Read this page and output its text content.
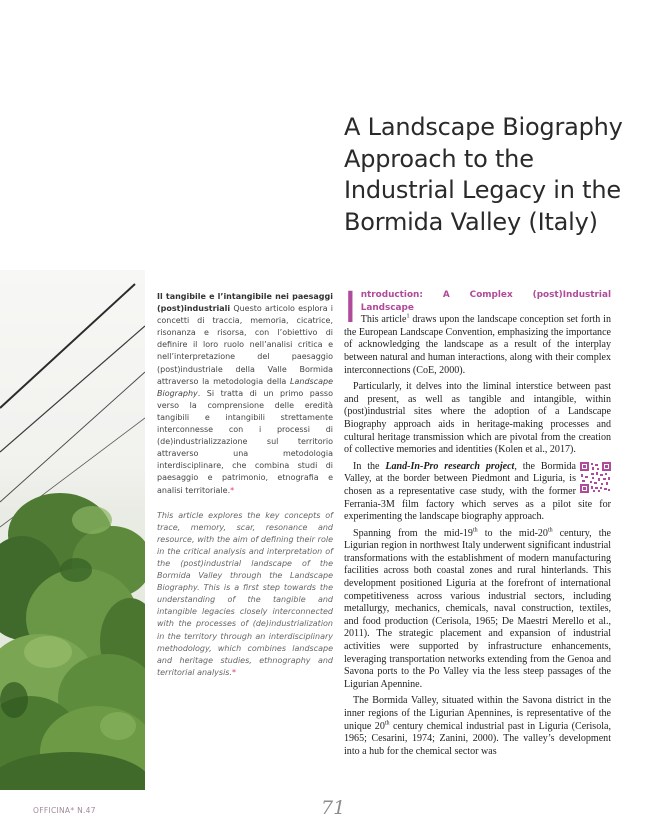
A Landscape Biography Approach to the Industrial Legacy in the Bormida Valley (Italy)

Il tangibile e l’intangibile nei paesaggi (post)industriali Questo articolo esplora i concetti di traccia, memoria, cicatrice, risonanza e risorsa, con l’obiettivo di definire il loro ruolo nell’analisi critica e nell’interpretazione del paesaggio (post)industriale della Valle Bormida attraverso la metodologia della Landscape Biography. Si tratta di un primo passo verso la comprensione delle eredità tangibili e intangibili strettamente interconnesse con i processi di (de)industrializzazione sul territorio attraverso una metodologia interdisciplinare, che combina studi di paesaggio e patrimonio, etnografia e analisi territoriale.*

This article explores the key concepts of trace, memory, scar, resonance and resource, with the aim of defining their role in the critical analysis and interpretation of the (post)industrial landscape of the Bormida Valley through the Landscape Biography. This is a first step towards the understanding of the tangible and intangible legacies closely interconnected with the processes of (de)industrialization in the territory through an interdisciplinary methodology, which combines landscape and heritage studies, ethnography and territorial analysis.*

Introduction: A Complex (post)Industrial Landscape
This article$^1$ draws upon the landscape conception set forth in the European Landscape Convention, emphasizing the importance of acknowledging the landscape as a result of the interplay between natural and human interactions, along with their complex interconnections (CoE, 2000).

Particularly, it delves into the liminal interstice between past and present, as well as tangible and intangible, within (post)industrial sites where the adoption of a Landscape Biography approach aids in heritage-making processes and cultural heritage transmission which are pivotal from the creation of collective memories and identities (Kolen et al., 2017).

In the Land-In-Pro research project, the Bormida Valley, at the border between Piedmont and Liguria, is chosen as a representative case study, with the former Ferrania-3M film factory which serves as a pilot site for experimenting the landscape biography approach.

Spanning from the mid-19th to the mid-20th century, the Ligurian region in northwest Italy underwent significant industrial transformations with the establishment of modern manufacturing facilities across both coastal zones and rural hinterlands. This development positioned Liguria at the forefront of international competitiveness across various industrial sectors, including metallurgy, mechanics, chemicals, naval construction, textiles, and food production (Cerisola, 1965; De Maestri Merello et al., 2011). The strategic placement and expansion of industrial activities were supported by infrastructure enhancements, leveraging transportation networks extending from the Genoa and Savona ports to the Po Valley via the less steep passages of the Ligurian Apennine.

The Bormida Valley, situated within the Savona district in the inner regions of the Ligurian Apennines, is representative of the unique 20th century chemical industrial past in Liguria (Cerisola, 1965; Cesarini, 1974; Zanini, 2000). The valley’s development into a hub for the chemical sector was

OFFICINA* N.47	71
